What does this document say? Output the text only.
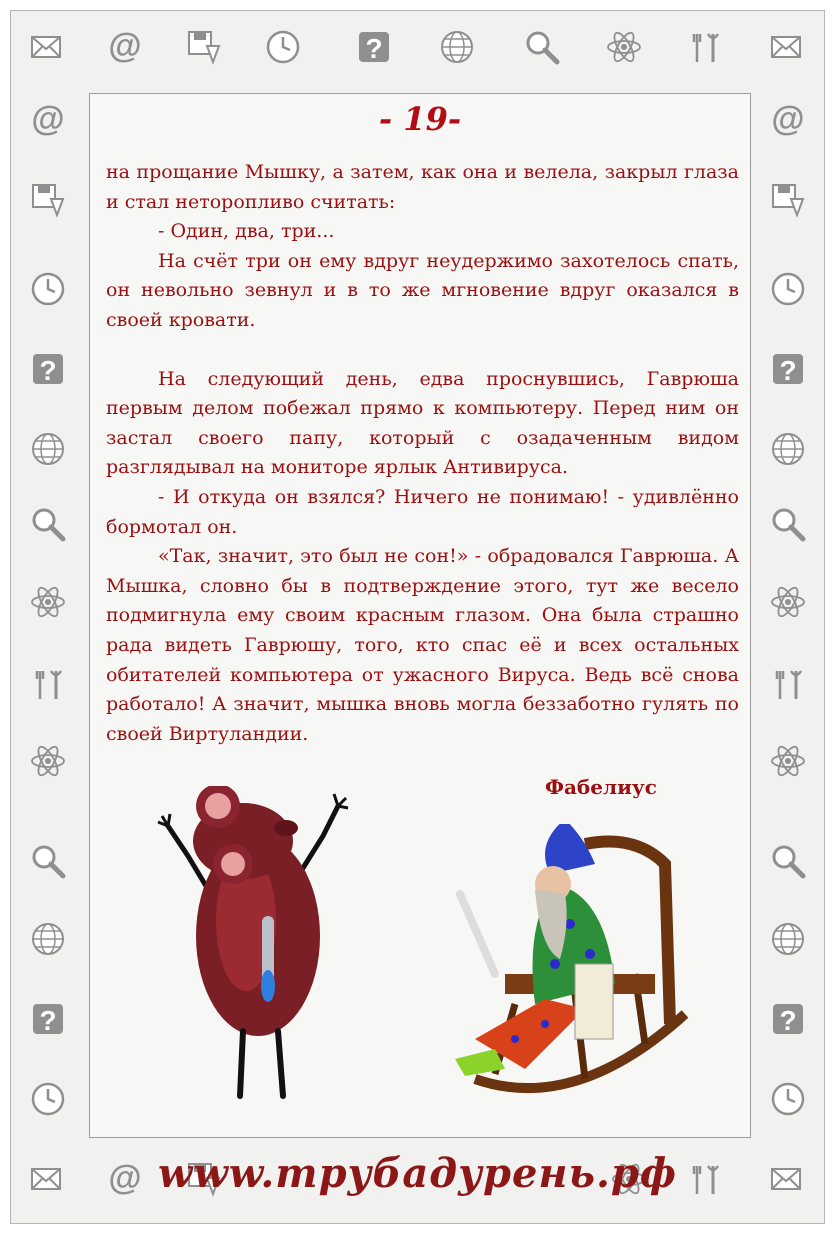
@	?
@
?
?
@
?
?
@
- 19-

на прощание Мышку, а затем, как она и велела, закрыл глаза и стал неторопливо считать:

- Один, два, три...

На счёт три он ему вдруг неудержимо захотелось спать, он невольно зевнул и в то же мгновение вдруг оказался в своей кровати.

На следующий день, едва проснувшись, Гаврюша первым делом побежал прямо к компьютеру. Перед ним он застал своего папу, который с озадаченным видом разглядывал на мониторе ярлык Антивируса.

- И откуда он взялся? Ничего не понимаю! - удивлённо бормотал он.

«Так, значит, это был не сон!» - обрадовался Гаврюша. А Мышка, словно бы в подтверждение этого, тут же весело подмигнула ему своим красным глазом. Она была страшно рада видеть Гаврюшу, того, кто спас её и всех остальных обитателей компьютера от ужасного Вируса. Ведь всё снова работало! А значит, мышка вновь могла беззаботно гулять по своей Виртуландии.

Фабелиус
www.трубадурень.рф
